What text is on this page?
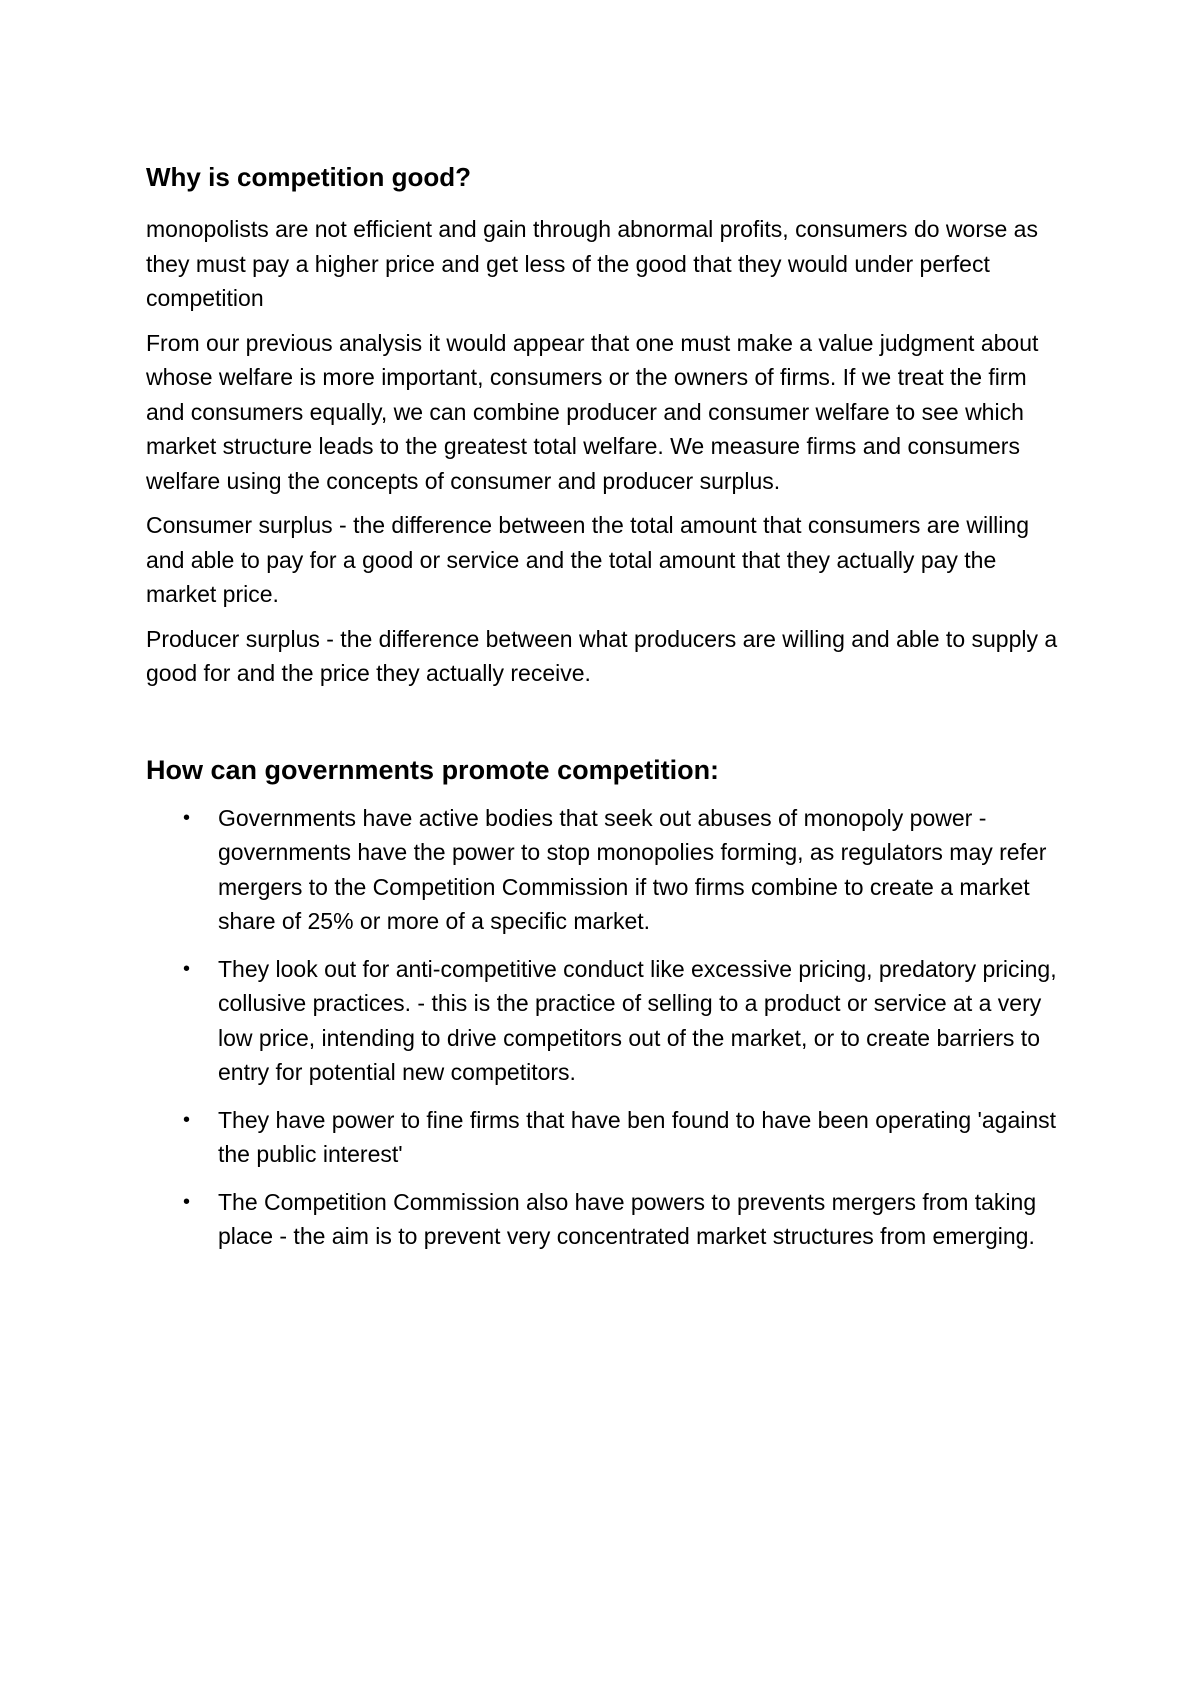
Why is competition good?

monopolists are not efficient and gain through abnormal profits, consumers do worse as they must pay a higher price and get less of the good that they would under perfect competition

From our previous analysis it would appear that one must make a value judgment about whose welfare is more important, consumers or the owners of firms. If we treat the firm and consumers equally, we can combine producer and consumer welfare to see which market structure leads to the greatest total welfare. We measure firms and consumers welfare using the concepts of consumer and producer surplus.

Consumer surplus - the difference between the total amount that consumers are willing and able to pay for a good or service and the total amount that they actually pay the market price.

Producer surplus - the difference between what producers are willing and able to supply a good for and the price they actually receive.

How can governments promote competition:
• Governments have active bodies that seek out abuses of monopoly power - governments have the power to stop monopolies forming, as regulators may refer mergers to the Competition Commission if two firms combine to create a market share of 25% or more of a specific market.
• They look out for anti-competitive conduct like excessive pricing, predatory pricing, collusive practices. - this is the practice of selling to a product or service at a very low price, intending to drive competitors out of the market, or to create barriers to entry for potential new competitors.
• They have power to fine firms that have ben found to have been operating 'against the public interest'
• The Competition Commission also have powers to prevents mergers from taking place - the aim is to prevent very concentrated market structures from emerging.
